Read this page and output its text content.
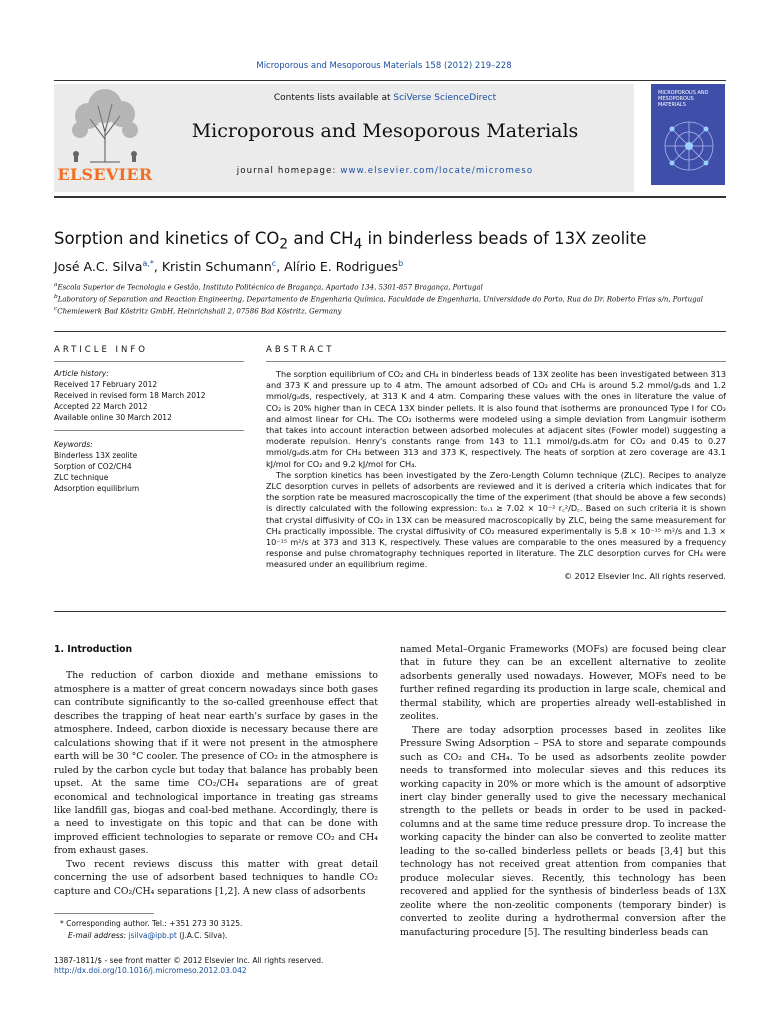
Microporous and Mesoporous Materials 158 (2012) 219–228
ELSEVIER
Contents lists available at SciVerse ScienceDirect
Microporous and Mesoporous Materials
journal homepage: www.elsevier.com/locate/micromeso
MICROPOROUS AND MESOPOROUS MATERIALS
Sorption and kinetics of $CO_2$ and $CH_4$ in binderless beads of 13X zeolite
José A.C. Silva$^{a,*}$, Kristin Schumann$^c$, Alírio E. Rodrigues$^b$
$^a$Escola Superior de Tecnologia e Gestão, Instituto Politécnico de Bragança, Apartado 134, 5301-857 Bragança, Portugal
$^b$Laboratory of Separation and Reaction Engineering, Departamento de Engenharia Química, Faculdade de Engenharia, Universidade do Porto, Rua do Dr. Roberto Frias s/n, Portugal
$^c$Chemiewerk Bad Köstritz GmbH, Heinrichshall 2, 07586 Bad Köstritz, Germany
ARTICLE INFO
Article history:
Received 17 February 2012
Received in revised form 18 March 2012
Accepted 22 March 2012
Available online 30 March 2012
Keywords:
Binderless 13X zeolite
Sorption of CO2/CH4
ZLC technique
Adsorption equilibrium
ABSTRACT

The sorption equilibrium of CO₂ and CH₄ in binderless beads of 13X zeolite has been investigated between 313 and 373 K and pressure up to 4 atm. The amount adsorbed of CO₂ and CH₄ is around 5.2 mmol/gₐds and 1.2 mmol/gₐds, respectively, at 313 K and 4 atm. Comparing these values with the ones in literature the value of CO₂ is 20% higher than in CECA 13X binder pellets. It is also found that isotherms are pronounced Type I for CO₂ and almost linear for CH₄. The CO₂ isotherms were modeled using a simple deviation from Langmuir isotherm that takes into account interaction between adsorbed molecules at adjacent sites (Fowler model) suggesting a moderate repulsion. Henry's constants range from 143 to 11.1 mmol/gₐds.atm for CO₂ and 0.45 to 0.27 mmol/gₐds.atm for CH₄ between 313 and 373 K, respectively. The heats of sorption at zero coverage are 43.1 kJ/mol for CO₂ and 9.2 kJ/mol for CH₄.

The sorption kinetics has been investigated by the Zero-Length Column technique (ZLC). Recipes to analyze ZLC desorption curves in pellets of adsorbents are reviewed and it is derived a criteria which indicates that for the sorption rate be measured macroscopically the time of the experiment (that should be above a few seconds) is directly calculated with the following expression: t₀.₁ ≥ 7.02 × 10⁻² r꜀²/D꜀. Based on such criteria it is shown that crystal diffusivity of CO₂ in 13X can be measured macroscopically by ZLC, being the same measurement for CH₄ practically impossible. The crystal diffusivity of CO₂ measured experimentally is 5.8 × 10⁻¹⁵ m²/s and 1.3 × 10⁻¹⁵ m²/s at 373 and 313 K, respectively. These values are comparable to the ones measured by a frequency response and pulse chromatography techniques reported in literature. The ZLC desorption curves for CH₄ were measured under an equilibrium regime.

© 2012 Elsevier Inc. All rights reserved.
1. Introduction

The reduction of carbon dioxide and methane emissions to atmosphere is a matter of great concern nowadays since both gases can contribute significantly to the so-called greenhouse effect that describes the trapping of heat near earth's surface by gases in the atmosphere. Indeed, carbon dioxide is necessary because there are calculations showing that if it were not present in the atmosphere earth will be 30 °C cooler. The presence of CO₂ in the atmosphere is ruled by the carbon cycle but today that balance has probably been upset. At the same time CO₂/CH₄ separations are of great economical and technological importance in treating gas streams like landfill gas, biogas and coal-bed methane. Accordingly, there is a need to investigate on this topic and that can be done with improved efficient technologies to separate or remove CO₂ and CH₄ from exhaust gases.

Two recent reviews discuss this matter with great detail concerning the use of adsorbent based techniques to handle CO₂ capture and CO₂/CH₄ separations [1,2]. A new class of adsorbents

named Metal–Organic Frameworks (MOFs) are focused being clear that in future they can be an excellent alternative to zeolite adsorbents generally used nowadays. However, MOFs need to be further refined regarding its production in large scale, chemical and thermal stability, which are properties already well-established in zeolites.

There are today adsorption processes based in zeolites like Pressure Swing Adsorption – PSA to store and separate compounds such as CO₂ and CH₄. To be used as adsorbents zeolite powder needs to transformed into molecular sieves and this reduces its working capacity in 20% or more which is the amount of adsorptive inert clay binder generally used to give the necessary mechanical strength to the pellets or beads in order to be used in packed-columns and at the same time reduce pressure drop. To increase the working capacity the binder can also be converted to zeolite matter leading to the so-called binderless pellets or beads [3,4] but this technology has not received great attention from companies that produce molecular sieves. Recently, this technology has been recovered and applied for the synthesis of binderless beads of 13X zeolite where the non-zeolitic components (temporary binder) is converted to zeolite during a hydrothermal conversion after the manufacturing procedure [5]. The resulting binderless beads can

* Corresponding author. Tel.: +351 273 30 3125.
E-mail address: jsilva@ipb.pt (J.A.C. Silva).
1387-1811/$ - see front matter © 2012 Elsevier Inc. All rights reserved.
http://dx.doi.org/10.1016/j.micromeso.2012.03.042
